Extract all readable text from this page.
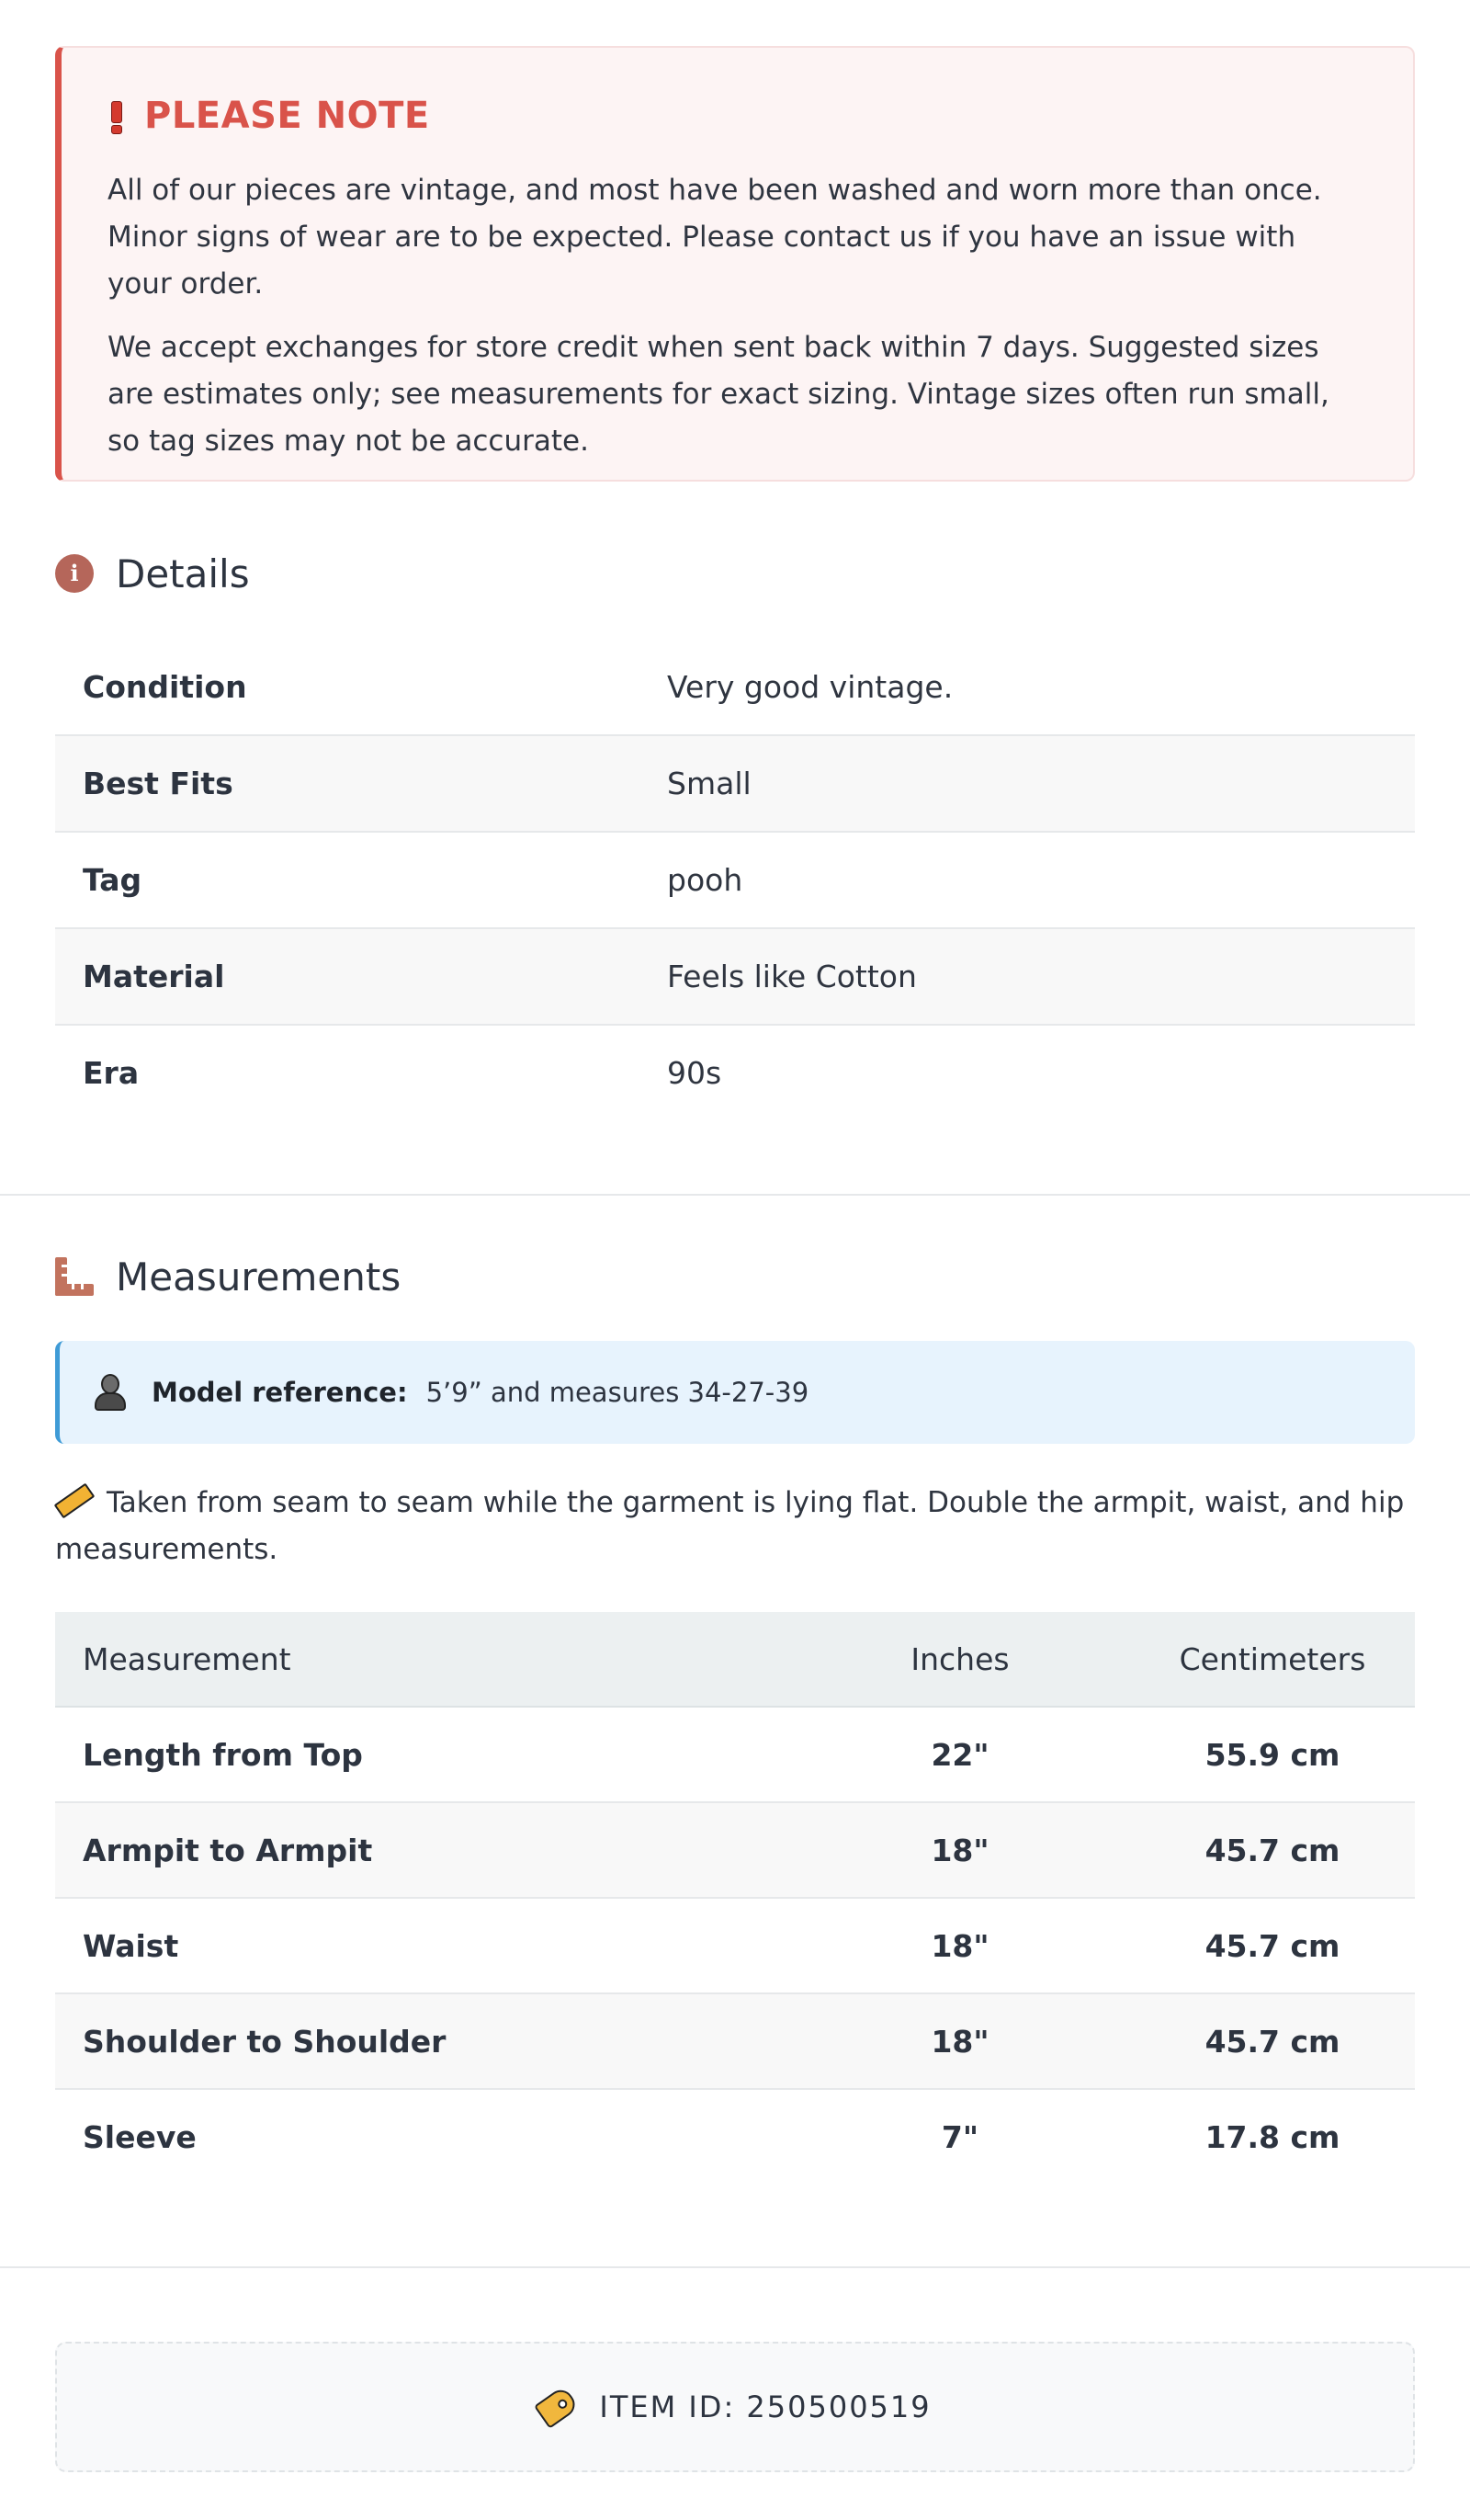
PLEASE NOTE

All of our pieces are vintage, and most have been washed and worn more than once. Minor signs of wear are to be expected. Please contact us if you have an issue with your order.

We accept exchanges for store credit when sent back within 7 days. Suggested sizes are estimates only; see measurements for exact sizing. Vintage sizes often run small, so tag sizes may not be accurate.

i Details
Condition	Very good vintage.
Best Fits	Small
Tag	pooh
Material	Feels like Cotton
Era	90s
Measurements
Model reference: 5’9” and measures 34-27-39
Taken from seam to seam while the garment is lying flat. Double the armpit, waist, and hip measurements.
Measurement	Inches	Centimeters
Length from Top	22"	55.9 cm
Armpit to Armpit	18"	45.7 cm
Waist	18"	45.7 cm
Shoulder to Shoulder	18"	45.7 cm
Sleeve	7"	17.8 cm
ITEM ID: 250500519
